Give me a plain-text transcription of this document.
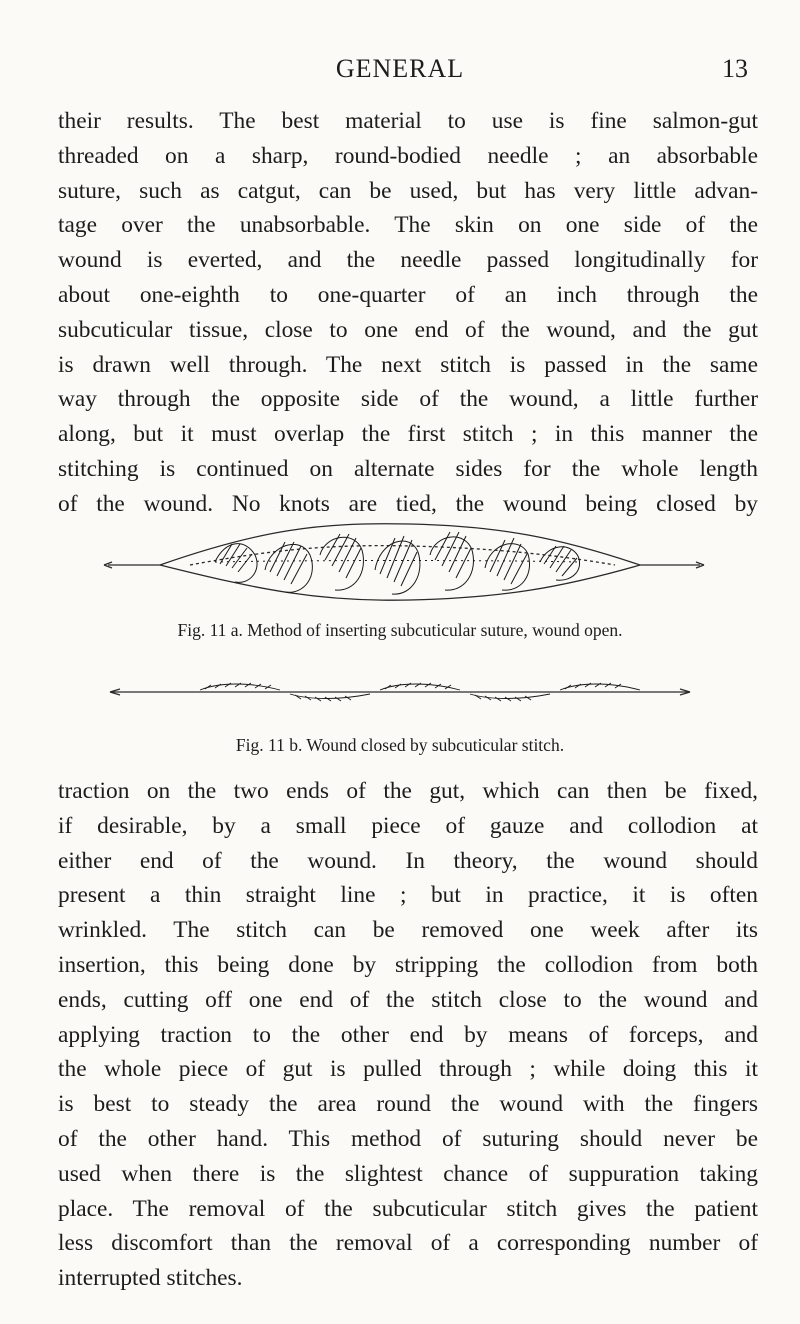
GENERAL	13
their results. The best material to use is fine salmon-gut
threaded on a sharp, round-bodied needle ; an absorbable
suture, such as catgut, can be used, but has very little advan-
tage over the unabsorbable. The skin on one side of the
wound is everted, and the needle passed longitudinally for
about one-eighth to one-quarter of an inch through the
subcuticular tissue, close to one end of the wound, and the gut
is drawn well through. The next stitch is passed in the same
way through the opposite side of the wound, a little further
along, but it must overlap the first stitch ; in this manner the
stitching is continued on alternate sides for the whole length
of the wound. No knots are tied, the wound being closed by
Fig. 11 a. Method of inserting subcuticular suture, wound open.
Fig. 11 b. Wound closed by subcuticular stitch.
traction on the two ends of the gut, which can then be fixed,
if desirable, by a small piece of gauze and collodion at
either end of the wound. In theory, the wound should
present a thin straight line ; but in practice, it is often
wrinkled. The stitch can be removed one week after its
insertion, this being done by stripping the collodion from both
ends, cutting off one end of the stitch close to the wound and
applying traction to the other end by means of forceps, and
the whole piece of gut is pulled through ; while doing this it
is best to steady the area round the wound with the fingers
of the other hand. This method of suturing should never be
used when there is the slightest chance of suppuration taking
place. The removal of the subcuticular stitch gives the patient
less discomfort than the removal of a corresponding number of
interrupted stitches.
